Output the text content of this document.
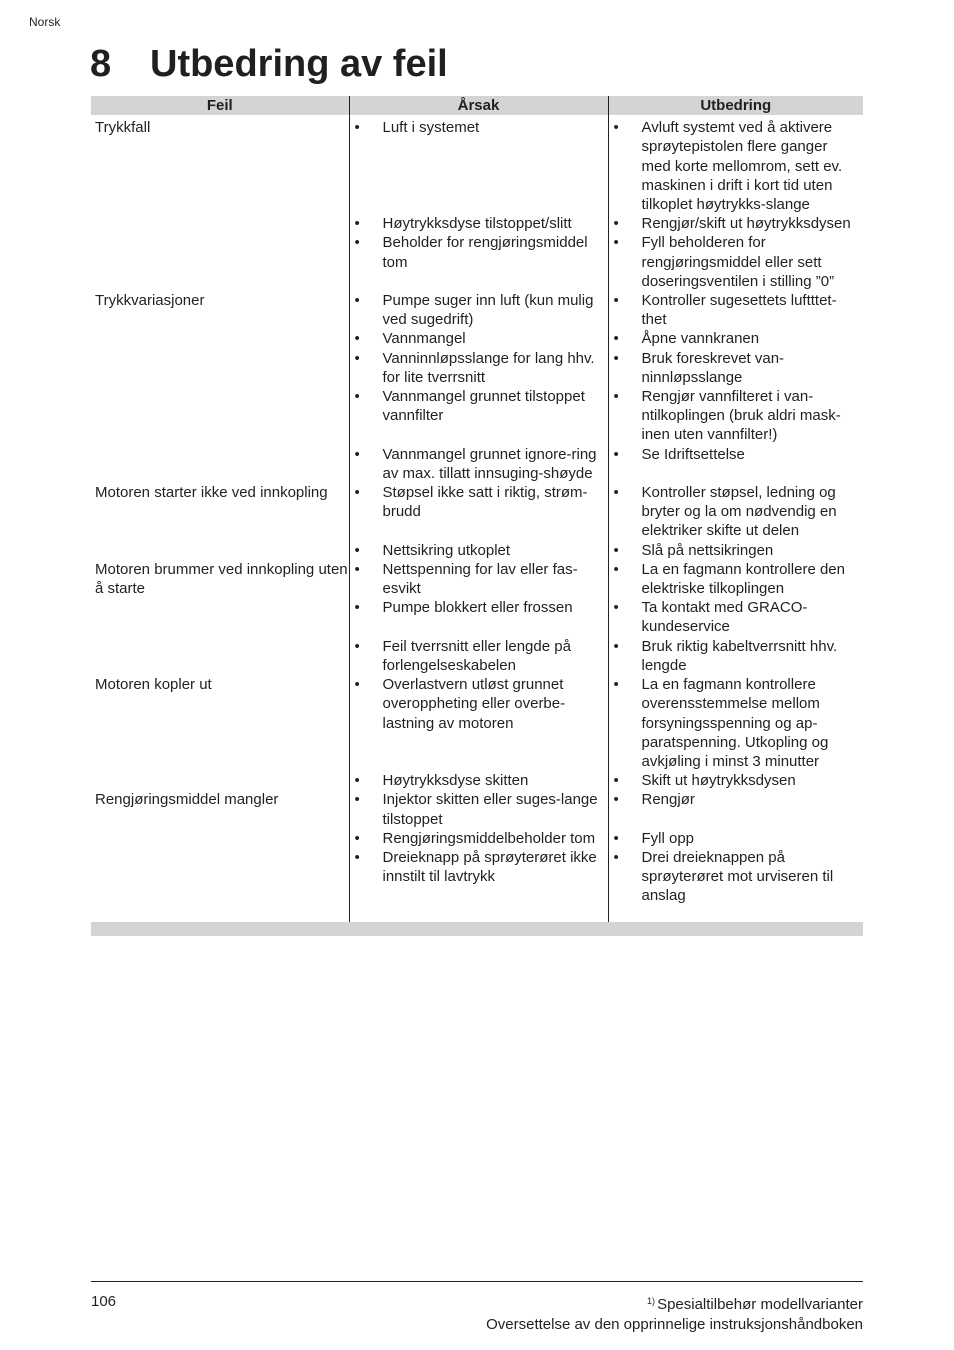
Norsk
8 Utbedring av feil
Feil	Årsak	Utbedring

Trykkfall	• Luft i systemet	• Avluft systemt ved å aktivere sprøytepistolen flere ganger med korte mellomrom, sett ev. maskinen i drift i kort tid uten tilkoplet høytrykks-slange

	• Høytrykksdyse tilstoppet/slitt	• Rengjør/skift ut høytrykksdysen

	• Beholder for rengjøringsmiddel tom	• Fyll beholderen for rengjøringsmiddel eller sett doseringsventilen i stilling ”0”

Trykkvariasjoner	• Pumpe suger inn luft (kun mulig ved sugedrift)	• Kontroller sugesettets luftttet-thet

	• Vannmangel	• Åpne vannkranen

	• Vanninnløpsslange for lang hhv. for lite tverrsnitt	• Bruk foreskrevet van-ninnløpsslange

	• Vannmangel grunnet tilstoppet vannfilter	• Rengjør vannfilteret i van-ntilkoplingen (bruk aldri mask-inen uten vannfilter!)

	• Vannmangel grunnet ignore-ring av max. tillatt innsuging-shøyde	• Se Idriftsettelse

Motoren starter ikke ved innkopling	• Støpsel ikke satt i riktig, strøm-brudd	• Kontroller støpsel, ledning og bryter og la om nødvendig en elektriker skifte ut delen

	• Nettsikring utkoplet	• Slå på nettsikringen

Motoren brummer ved innkopling uten å starte	• Nettspenning for lav eller fas-esvikt	• La en fagmann kontrollere den elektriske tilkoplingen

	• Pumpe blokkert eller frossen	• Ta kontakt med GRACO-kundeservice

	• Feil tverrsnitt eller lengde på forlengelseskabelen	• Bruk riktig kabeltverrsnitt hhv. lengde

Motoren kopler ut	• Overlastvern utløst grunnet overoppheting eller overbe-lastning av motoren	• La en fagmann kontrollere overensstemmelse mellom forsyningsspenning og ap-paratspenning. Utkopling og avkjøling i minst 3 minutter

	• Høytrykksdyse skitten	• Skift ut høytrykksdysen

Rengjøringsmiddel mangler	• Injektor skitten eller suges-lange tilstoppet	• Rengjør

	• Rengjøringsmiddelbeholder tom	• Fyll opp

	• Dreieknapp på sprøyterøret ikke innstilt til lavtrykk	• Drei dreieknappen på sprøyterøret mot urviseren til anslag

106	$^{1)}$ Spesialtilbehør modellvarianter
Oversettelse av den opprinnelige instruksjonshåndboken
